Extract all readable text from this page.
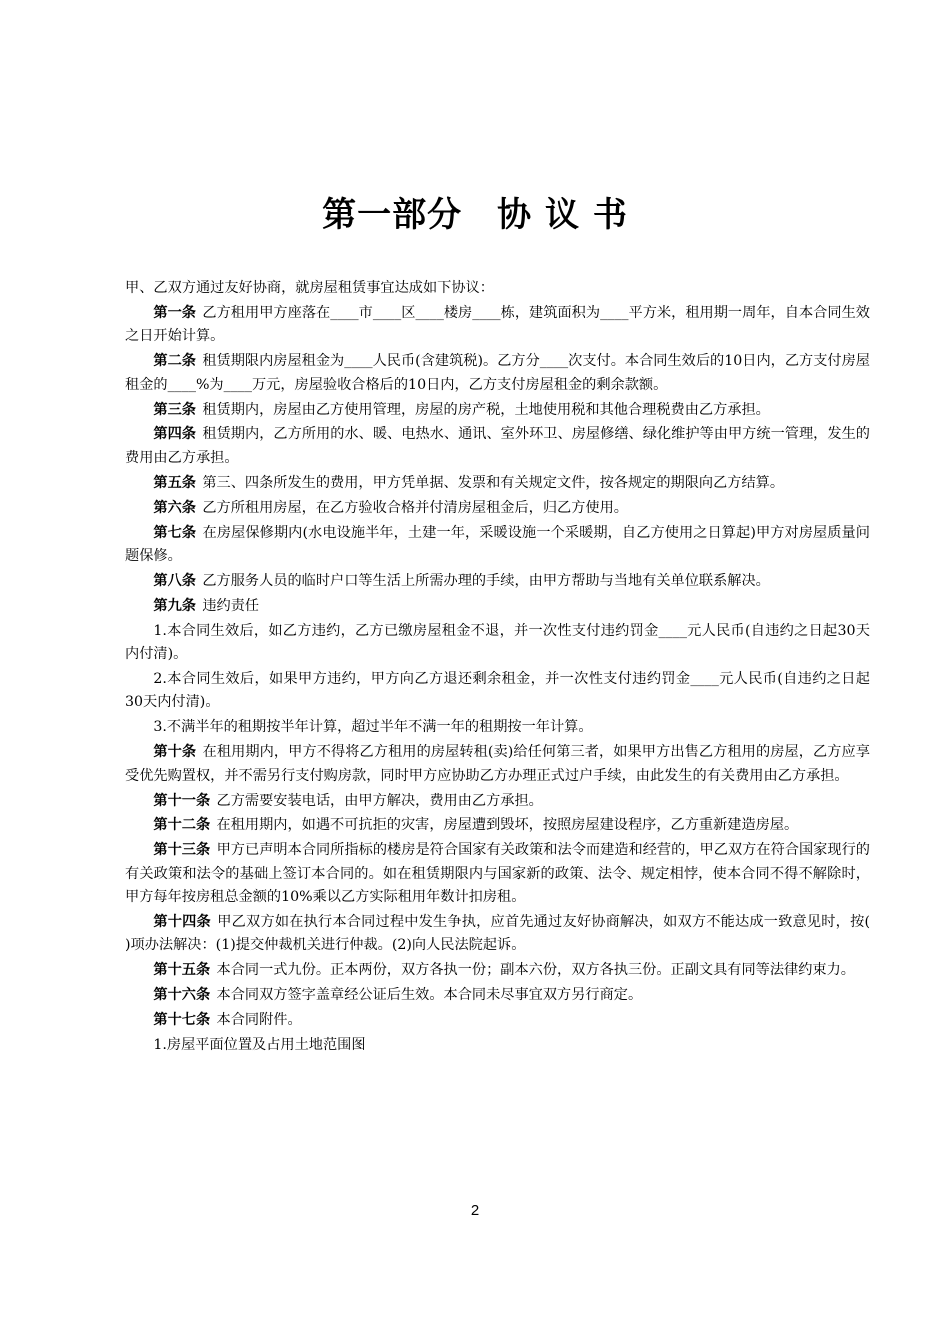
第一部分　协 议 书

甲、乙双方通过友好协商，就房屋租赁事宜达成如下协议：

第一条 乙方租用甲方座落在____市____区____楼房____栋，建筑面积为____平方米，租用期一周年，自本合同生效之日开始计算。

第二条 租赁期限内房屋租金为____人民币(含建筑税)。乙方分____次支付。本合同生效后的10日内，乙方支付房屋租金的____%为____万元，房屋验收合格后的10日内，乙方支付房屋租金的剩余款额。

第三条 租赁期内，房屋由乙方使用管理，房屋的房产税，土地使用税和其他合理税费由乙方承担。

第四条 租赁期内，乙方所用的水、暖、电热水、通讯、室外环卫、房屋修缮、绿化维护等由甲方统一管理，发生的费用由乙方承担。

第五条 第三、四条所发生的费用，甲方凭单据、发票和有关规定文件，按各规定的期限向乙方结算。

第六条 乙方所租用房屋，在乙方验收合格并付清房屋租金后，归乙方使用。

第七条 在房屋保修期内(水电设施半年，土建一年，采暖设施一个采暖期，自乙方使用之日算起)甲方对房屋质量问题保修。

第八条 乙方服务人员的临时户口等生活上所需办理的手续，由甲方帮助与当地有关单位联系解决。

第九条 违约责任

1.本合同生效后，如乙方违约，乙方已缴房屋租金不退，并一次性支付违约罚金____元人民币(自违约之日起30天内付清)。

2.本合同生效后，如果甲方违约，甲方向乙方退还剩余租金，并一次性支付违约罚金____元人民币(自违约之日起30天内付清)。

3.不满半年的租期按半年计算，超过半年不满一年的租期按一年计算。

第十条 在租用期内，甲方不得将乙方租用的房屋转租(卖)给任何第三者，如果甲方出售乙方租用的房屋，乙方应享受优先购置权，并不需另行支付购房款，同时甲方应协助乙方办理正式过户手续，由此发生的有关费用由乙方承担。

第十一条 乙方需要安装电话，由甲方解决，费用由乙方承担。

第十二条 在租用期内，如遇不可抗拒的灾害，房屋遭到毁坏，按照房屋建设程序，乙方重新建造房屋。

第十三条 甲方已声明本合同所指标的楼房是符合国家有关政策和法令而建造和经营的，甲乙双方在符合国家现行的有关政策和法令的基础上签订本合同的。如在租赁期限内与国家新的政策、法令、规定相悖，使本合同不得不解除时，甲方每年按房租总金额的10%乘以乙方实际租用年数计扣房租。

第十四条 甲乙双方如在执行本合同过程中发生争执，应首先通过友好协商解决，如双方不能达成一致意见时，按( )项办法解决：(1)提交仲裁机关进行仲裁。(2)向人民法院起诉。

第十五条 本合同一式九份。正本两份，双方各执一份；副本六份，双方各执三份。正副文具有同等法律约束力。

第十六条 本合同双方签字盖章经公证后生效。本合同未尽事宜双方另行商定。

第十七条 本合同附件。

1.房屋平面位置及占用土地范围图

2
